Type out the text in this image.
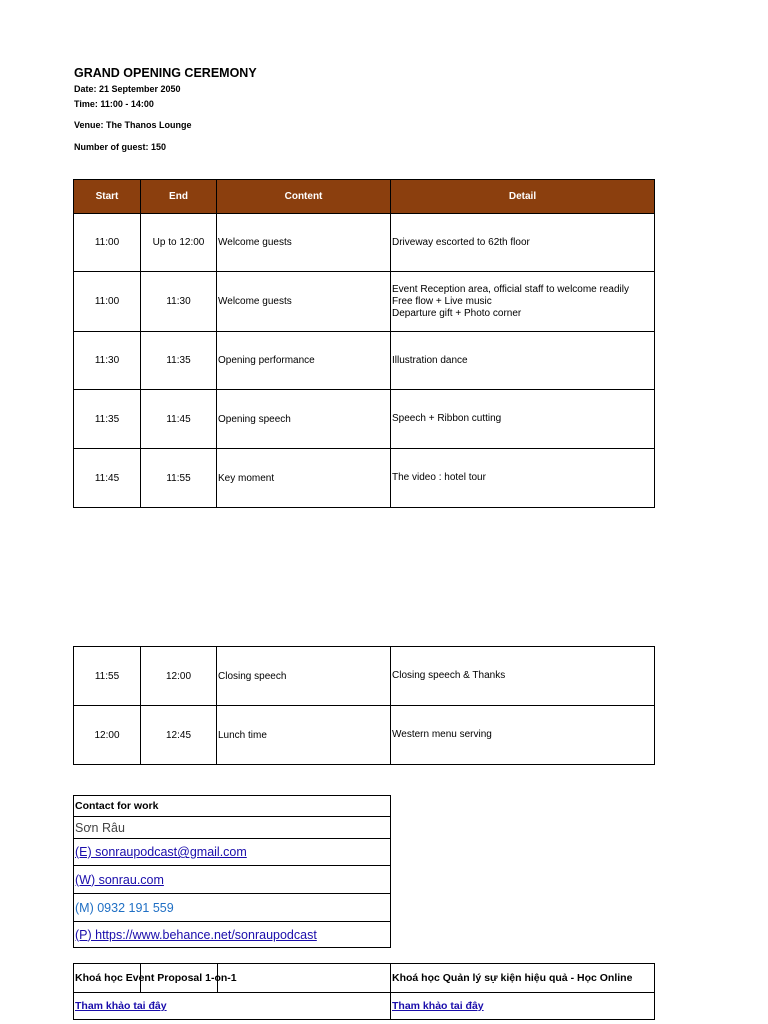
GRAND OPENING CEREMONY
Date: 21 September 2050
Time: 11:00 - 14:00
Venue: The Thanos Lounge
Number of guest: 150
Start	End	Content	Detail
11:00	Up to 12:00	Welcome guests	Driveway escorted to 62th floor

11:00	11:30	Welcome guests	Event Reception area, official staff to welcome readily
Free flow + Live music
Departure gift + Photo corner

11:30	11:35	Opening performance	Illustration dance

11:35	11:45	Opening speech	Speech + Ribbon cutting

11:45	11:55	Key moment	The video : hotel tour
11:55	12:00	Closing speech	Closing speech & Thanks

12:00	12:45	Lunch time	Western menu serving
Contact for work
Sơn Râu
(E) sonraupodcast@gmail.com
(W) sonrau.com
(M) 0932 191 559
(P) https://www.behance.net/sonraupodcast
Khoá học Event Proposal 1-on-1	Khoá học Quản lý sự kiện hiệu quả - Học Online
Tham khảo tai đây	Tham khảo tai đây
